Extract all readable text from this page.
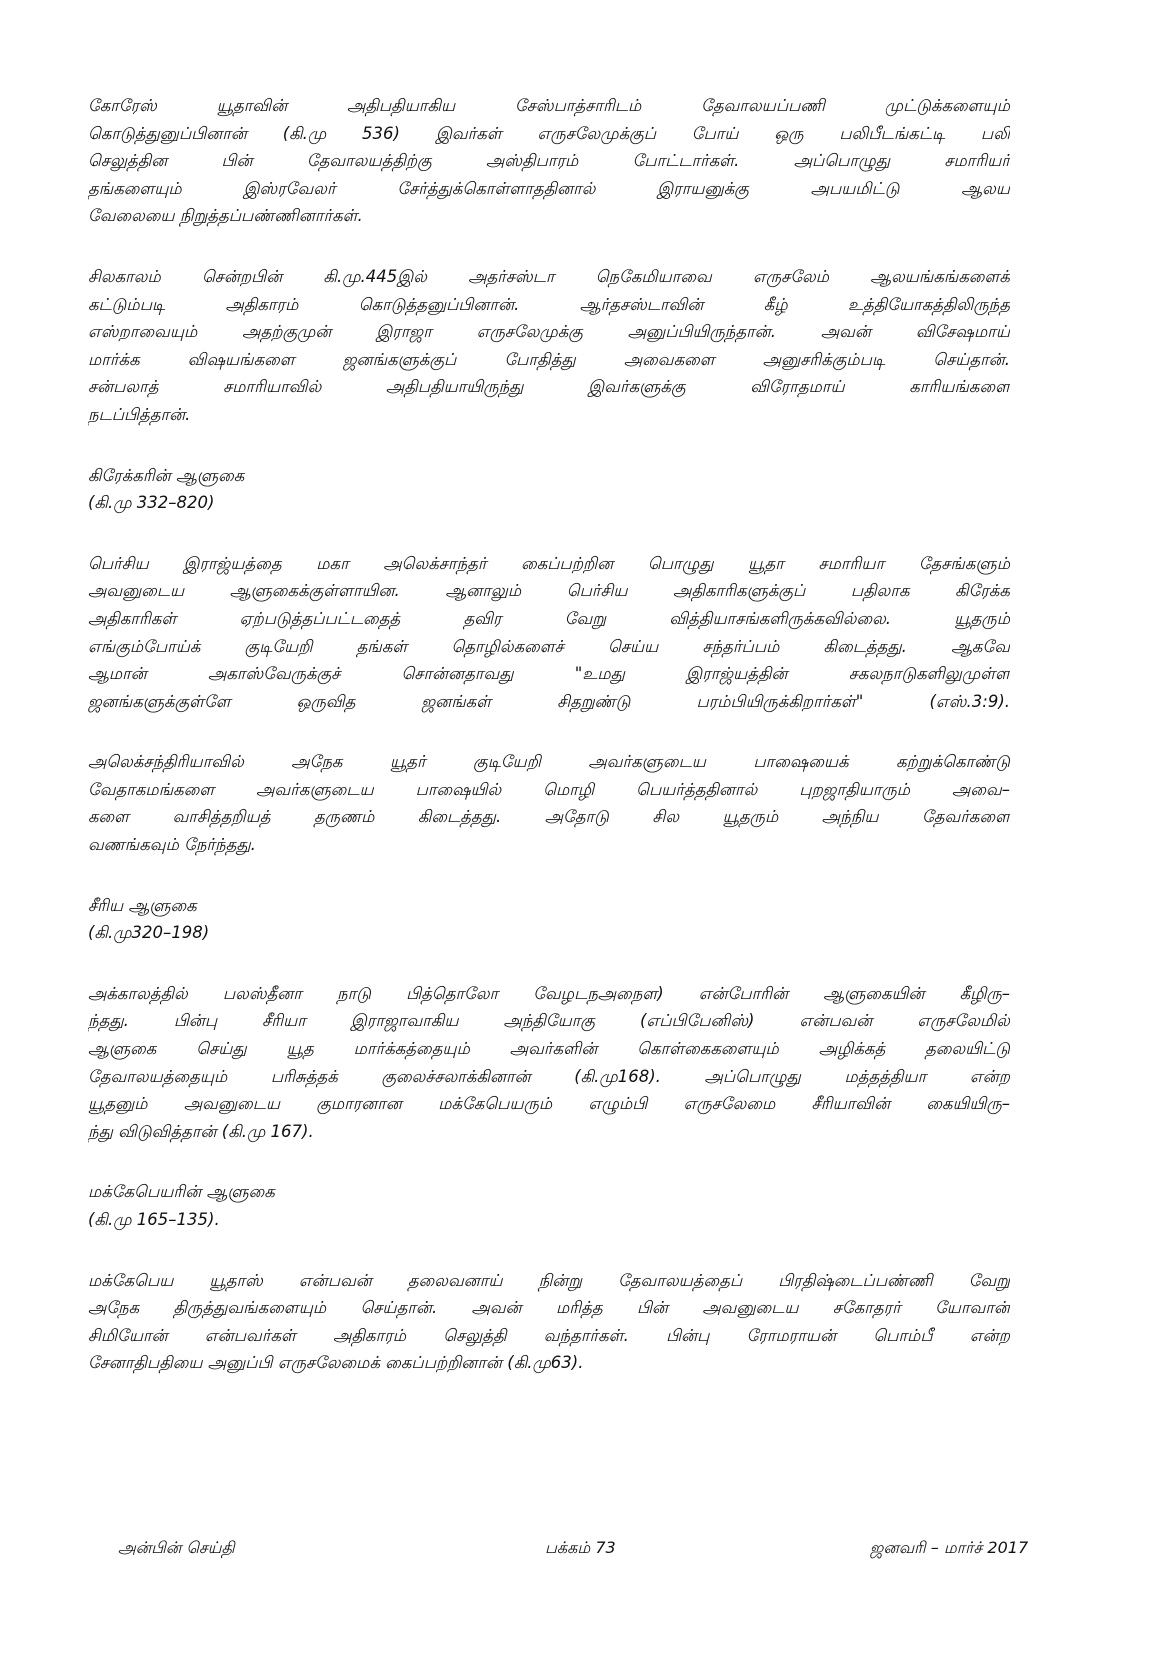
கோரேஸ் யூதாவின் அதிபதியாகிய சேஸ்பாத்சாரிடம் தேவாலயப்பணி முட்டுக்களையும்
கொடுத்துனுப்பினான் (கி.மு 536) இவர்கள் எருசலேமுக்குப் போய் ஒரு பலிபீடங்கட்டி பலி
செலுத்தின பின் தேவாலயத்திற்கு அஸ்திபாரம் போட்டார்கள். அப்பொழுது சமாரியர்
தங்களையும் இஸ்ரவேலர் சேர்த்துக்கொள்ளாததினால் இராயனுக்கு அபயமிட்டு ஆலய
வேலையை நிறுத்தப்பண்ணினார்கள்.
சிலகாலம் சென்றபின் கி.மு.445இல் அதர்சஸ்டா நெகேமியாவை எருசலேம் ஆலயங்கங்களைக்
கட்டும்படி அதிகாரம் கொடுத்தனுப்பினான். ஆர்தசஸ்டாவின் கீழ் உத்தியோகத்திலிருந்த
எஸ்றாவையும் அதற்குமுன் இராஜா எருசலேமுக்கு அனுப்பியிருந்தான். அவன் விசேஷமாய்
மார்க்க விஷயங்களை ஜனங்களுக்குப் போதித்து அவைகளை அனுசரிக்கும்படி செய்தான்.
சன்பலாத் சமாரியாவில் அதிபதியாயிருந்து இவர்களுக்கு விரோதமாய் காரியங்களை
நடப்பித்தான்.
கிரேக்கரின் ஆளுகை
(கி.மு 332–820)
பெர்சிய இராஜ்யத்தை மகா அலெக்சாந்தர் கைப்பற்றின பொழுது யூதா சமாரியா தேசங்களும்
அவனுடைய ஆளுகைக்குள்ளாயின. ஆனாலும் பெர்சிய அதிகாரிகளுக்குப் பதிலாக கிரேக்க
அதிகாரிகள் ஏற்படுத்தப்பட்டதைத் தவிர வேறு வித்தியாசங்களிருக்கவில்லை. யூதரும்
எங்கும்போய்க் குடியேறி தங்கள் தொழில்களைச் செய்ய சந்தர்ப்பம் கிடைத்தது. ஆகவே
ஆமான் அகாஸ்வேருக்குச் சொன்னதாவது "உமது இராஜ்யத்தின் சகலநாடுகளிலுமுள்ள
ஜனங்களுக்குள்ளே ஒருவித ஜனங்கள் சிதறுண்டு பரம்பியிருக்கிறார்கள்" (எஸ்.3:9).
அலெக்சந்திரியாவில் அநேக யூதர் குடியேறி அவர்களுடைய பாஷையைக் கற்றுக்கொண்டு
வேதாகமங்களை அவர்களுடைய பாஷையில் மொழி பெயர்த்ததினால் புறஜாதியாரும் அவை–
களை வாசித்தறியத் தருணம் கிடைத்தது. அதோடு சில யூதரும் அந்நிய தேவர்களை
வணங்கவும் நேர்ந்தது.
சீரிய ஆளுகை
(கி.மு320–198)
அக்காலத்தில் பலஸ்தீனா நாடு பித்தொலோ வேழடநஅநைள) என்போரின் ஆளுகையின் கீழிரு–
ந்தது. பின்பு சீரியா இராஜாவாகிய அந்தியோகு (எப்பிபேனிஸ்) என்பவன் எருசலேமில்
ஆளுகை செய்து யூத மார்க்கத்தையும் அவர்களின் கொள்கைகளையும் அழிக்கத் தலையிட்டு
தேவாலயத்தையும் பரிசுத்தக் குலைச்சலாக்கினான் (கி.மு168). அப்பொழுது மத்தத்தியா என்ற
யூதனும் அவனுடைய குமாரனான மக்கேபெயரும் எழும்பி எருசலேமை சீரியாவின் கையியிரு–
ந்து விடுவித்தான் (கி.மு 167).
மக்கேபெயரின் ஆளுகை
(கி.மு 165–135).
மக்கேபெய யூதாஸ் என்பவன் தலைவனாய் நின்று தேவாலயத்தைப் பிரதிஷ்டைப்பண்ணி வேறு
அநேக திருத்துவங்களையும் செய்தான். அவன் மரித்த பின் அவனுடைய சகோதரர் யோவான்
சிமியோன் என்பவர்கள் அதிகாரம் செலுத்தி வந்தார்கள். பின்பு ரோமராயன் பொம்பீ என்ற
சேனாதிபதியை அனுப்பி எருசலேமைக் கைப்பற்றினான் (கி.மு63).
அன்பின் செய்தி	பக்கம் 73	ஜனவரி – மார்ச் 2017
